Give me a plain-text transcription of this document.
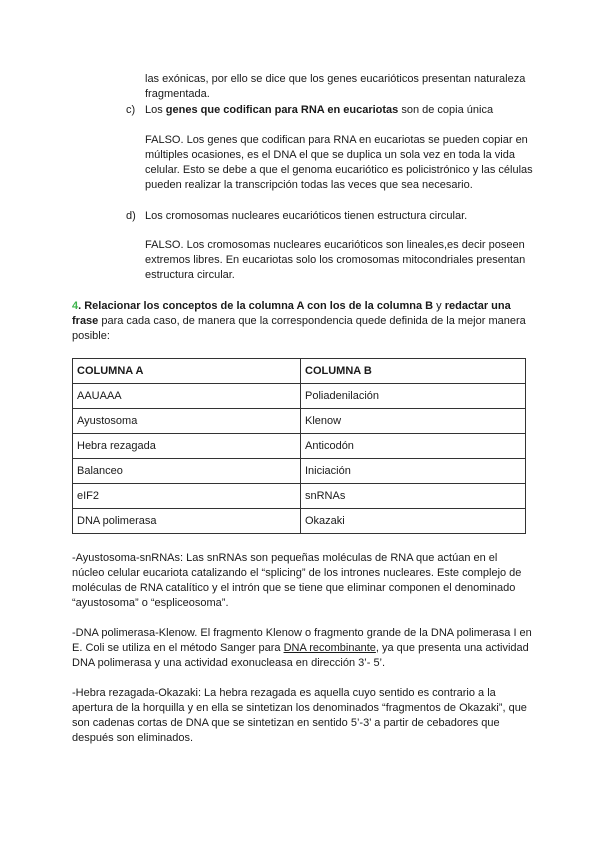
las exónicas, por ello se dice que los genes eucarióticos presentan naturaleza fragmentada.

c) Los genes que codifican para RNA en eucariotas son de copia única

FALSO. Los genes que codifican para RNA en eucariotas se pueden copiar en múltiples ocasiones, es el DNA el que se duplica un sola vez en toda la vida celular. Esto se debe a que el genoma eucariótico es policistrónico y las células pueden realizar la transcripción todas las veces que sea necesario.

d) Los cromosomas nucleares eucarióticos tienen estructura circular.

FALSO. Los cromosomas nucleares eucarióticos son lineales,es decir poseen extremos libres. En eucariotas solo los cromosomas mitocondriales presentan estructura circular.

4. Relacionar los conceptos de la columna A con los de la columna B y redactar una frase para cada caso, de manera que la correspondencia quede definida de la mejor manera posible:

COLUMNA A	COLUMNA B
AAUAAA	Poliadenilación
Ayustosoma	Klenow
Hebra rezagada	Anticodón
Balanceo	Iniciación
eIF2	snRNAs
DNA polimerasa	Okazaki

-Ayustosoma-snRNAs: Las snRNAs son pequeñas moléculas de RNA que actúan en el núcleo celular eucariota catalizando el “splicing” de los intrones nucleares. Este complejo de moléculas de RNA catalítico y el intrón que se tiene que eliminar componen el denominado “ayustosoma” o “espliceosoma”.

-DNA polimerasa-Klenow. El fragmento Klenow o fragmento grande de la DNA polimerasa I en E. Coli se utiliza en el método Sanger para DNA recombinante, ya que presenta una actividad DNA polimerasa y una actividad exonucleasa en dirección 3’- 5’.

-Hebra rezagada-Okazaki: La hebra rezagada es aquella cuyo sentido es contrario a la apertura de la horquilla y en ella se sintetizan los denominados “fragmentos de Okazaki”, que son cadenas cortas de DNA que se sintetizan en sentido 5’-3’ a partir de cebadores que después son eliminados.
